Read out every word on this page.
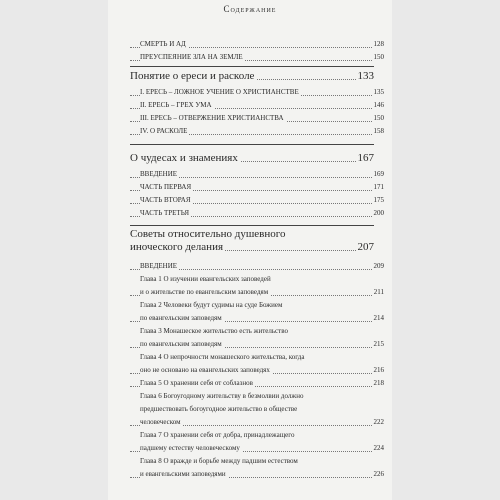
Содержание
СМЕРТЬ И АД	128
ПРЕУСПЕЯНИЕ ЗЛА НА ЗЕМЛЕ	150
Понятие о ереси и расколе	133
I. ЕРЕСЬ – ЛОЖНОЕ УЧЕНИЕ О ХРИСТИАНСТВЕ	135
II. ЕРЕСЬ – ГРЕХ УМА	146
III. ЕРЕСЬ – ОТВЕРЖЕНИЕ ХРИСТИАНСТВА	150
IV. О РАСКОЛЕ	158
О чудесах и знамениях	167
ВВЕДЕНИЕ	169
ЧАСТЬ ПЕРВАЯ	171
ЧАСТЬ ВТОРАЯ	175
ЧАСТЬ ТРЕТЬЯ	200
Советы относительно душевного
иноческого делания	207
ВВЕДЕНИЕ	209
Глава 1 О изучении евангельских заповедей
и о жительстве по евангельским заповедям	211
Глава 2 Человеки будут судимы на суде Божием
по евангельским заповедям	214
Глава 3 Монашеское жительство есть жительство
по евангельским заповедям	215
Глава 4 О непрочности монашеского жительства, когда
оно не основано на евангельских заповедях	216
Глава 5 О хранении себя от соблазнов	218
Глава 6 Богоугодному жительству в безмолвии должно
предшествовать богоугодное жительство в обществе
человеческом	222
Глава 7 О хранении себя от добра, принадлежащего
падшему естеству человеческому	224
Глава 8 О вражде и борьбе между падшим естеством
и евангельскими заповедями	226
